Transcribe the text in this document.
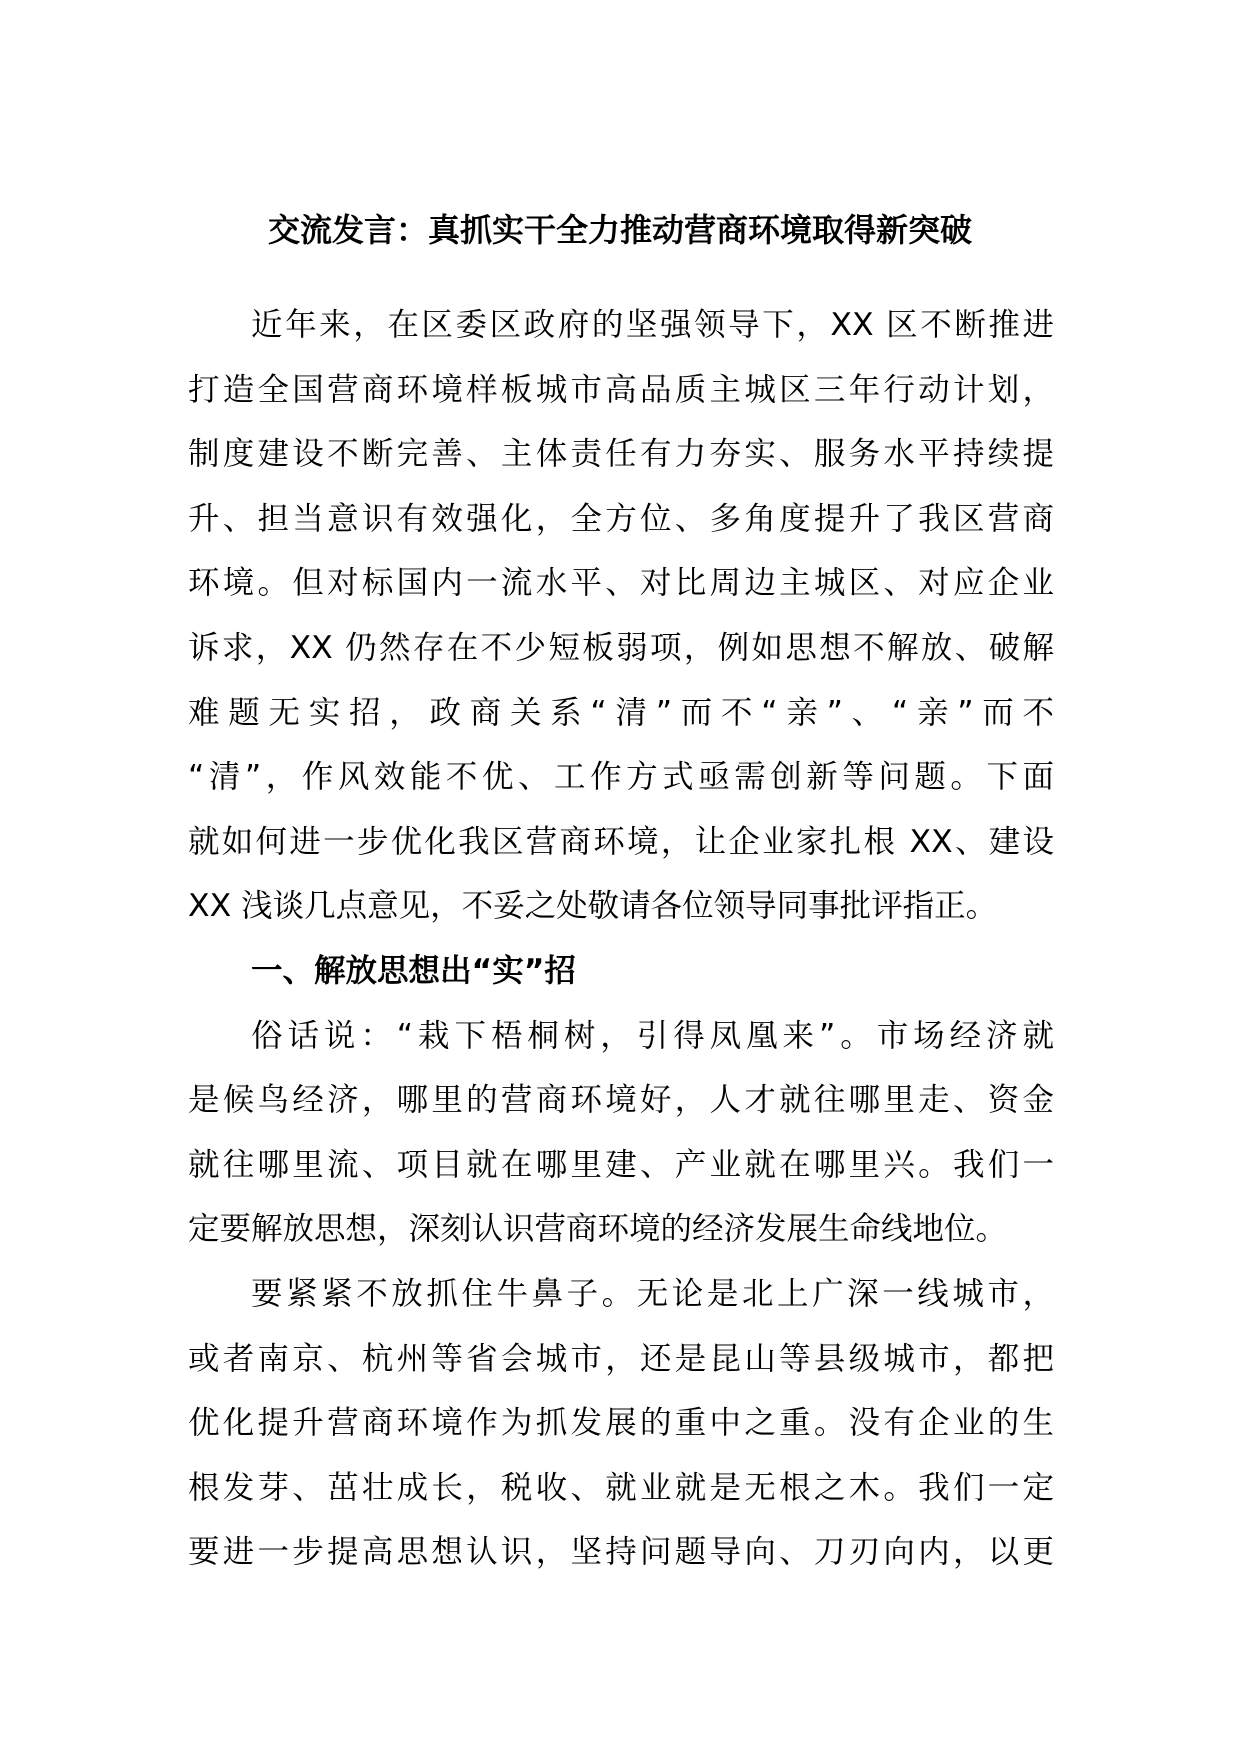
交流发言：真抓实干全力推动营商环境取得新突破
近年来，在区委区政府的坚强领导下，XX 区不断推进
打造全国营商环境样板城市高品质主城区三年行动计划，
制度建设不断完善、主体责任有力夯实、服务水平持续提
升、担当意识有效强化，全方位、多角度提升了我区营商
环境。但对标国内一流水平、对比周边主城区、对应企业
诉求，XX 仍然存在不少短板弱项，例如思想不解放、破解
难题无实招，政商关系“清”而不“亲”、“亲”而不
“清”，作风效能不优、工作方式亟需创新等问题。下面
就如何进一步优化我区营商环境，让企业家扎根 XX、建设
XX 浅谈几点意见，不妥之处敬请各位领导同事批评指正。
一、解放思想出“实”招
俗话说：“栽下梧桐树，引得凤凰来”。市场经济就
是候鸟经济，哪里的营商环境好，人才就往哪里走、资金
就往哪里流、项目就在哪里建、产业就在哪里兴。我们一
定要解放思想，深刻认识营商环境的经济发展生命线地位。
要紧紧不放抓住牛鼻子。无论是北上广深一线城市，
或者南京、杭州等省会城市，还是昆山等县级城市，都把
优化提升营商环境作为抓发展的重中之重。没有企业的生
根发芽、茁壮成长，税收、就业就是无根之木。我们一定
要进一步提高思想认识，坚持问题导向、刀刃向内，以更
